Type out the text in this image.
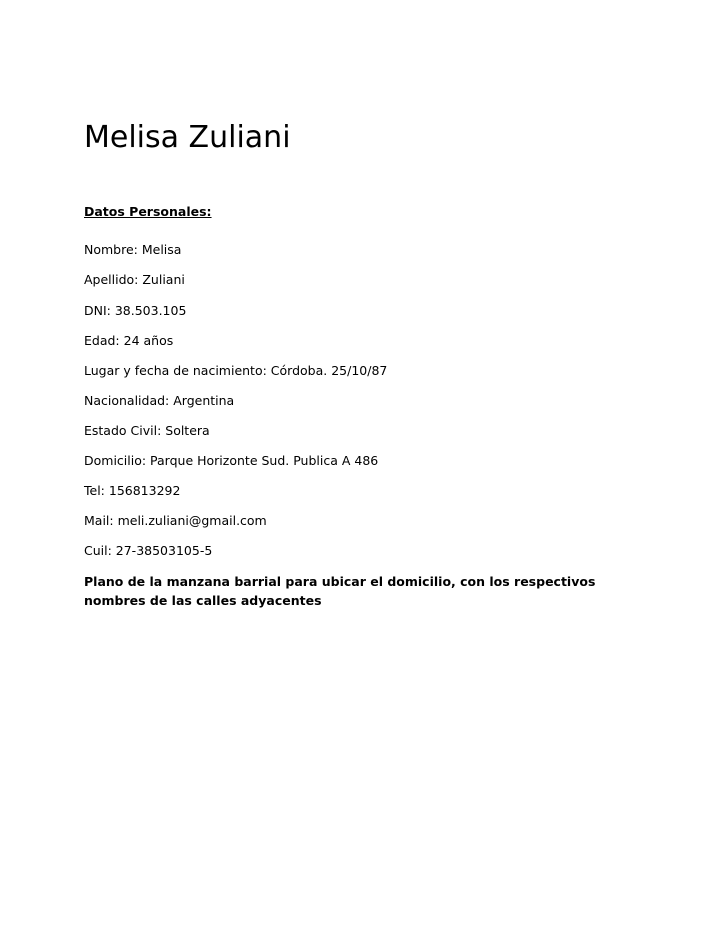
Melisa Zuliani
Datos Personales:
Nombre: Melisa
Apellido: Zuliani
DNI: 38.503.105
Edad: 24 años
Lugar y fecha de nacimiento: Córdoba. 25/10/87
Nacionalidad: Argentina
Estado Civil: Soltera
Domicilio: Parque Horizonte Sud. Publica A 486
Tel: 156813292
Mail: meli.zuliani@gmail.com
Cuil: 27-38503105-5
Plano de la manzana barrial para ubicar el domicilio, con los respectivos nombres de las calles adyacentes
